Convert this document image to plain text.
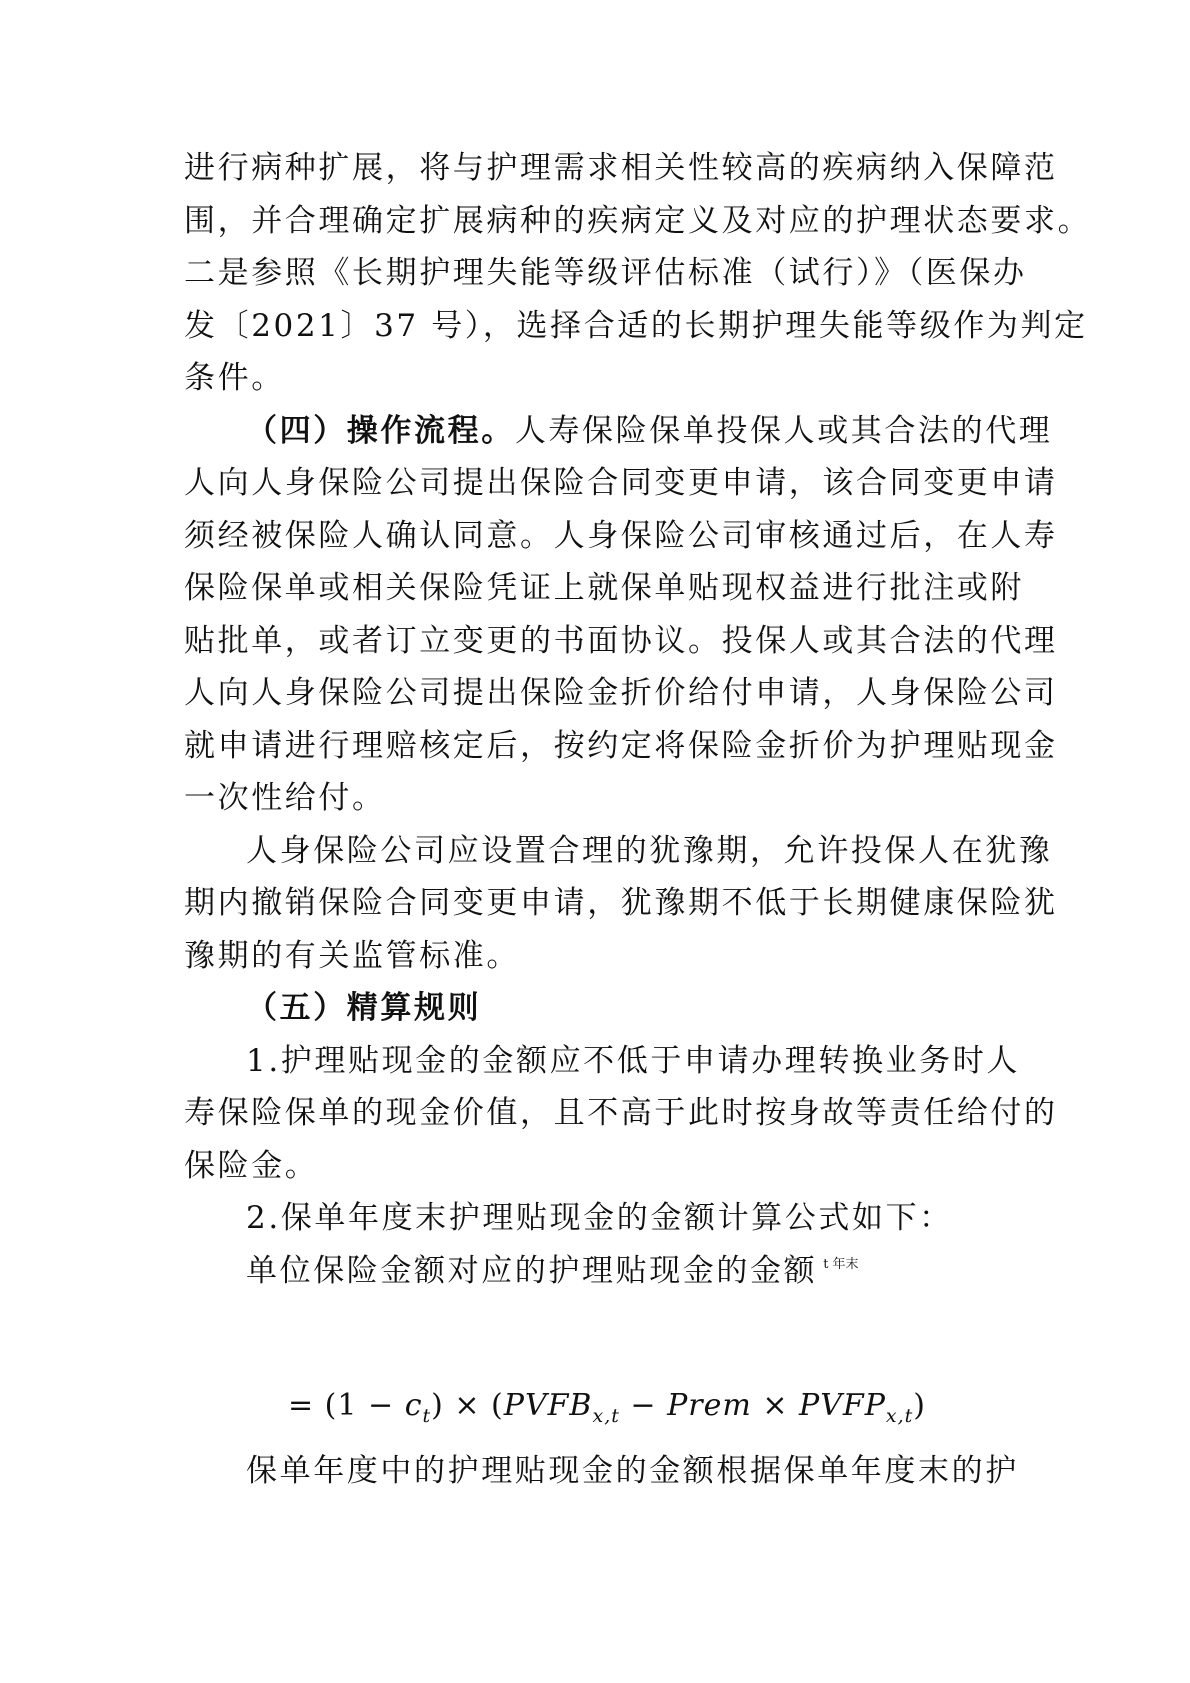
进行病种扩展，将与护理需求相关性较高的疾病纳入保障范
围，并合理确定扩展病种的疾病定义及对应的护理状态要求。
二是参照《长期护理失能等级评估标准（试行）》（医保办
发〔2021〕37 号），选择合适的长期护理失能等级作为判定
条件。
（四）操作流程。人寿保险保单投保人或其合法的代理
人向人身保险公司提出保险合同变更申请，该合同变更申请
须经被保险人确认同意。人身保险公司审核通过后，在人寿
保险保单或相关保险凭证上就保单贴现权益进行批注或附
贴批单，或者订立变更的书面协议。投保人或其合法的代理
人向人身保险公司提出保险金折价给付申请，人身保险公司
就申请进行理赔核定后，按约定将保险金折价为护理贴现金
一次性给付。
人身保险公司应设置合理的犹豫期，允许投保人在犹豫
期内撤销保险合同变更申请，犹豫期不低于长期健康保险犹
豫期的有关监管标准。
（五）精算规则
1.护理贴现金的金额应不低于申请办理转换业务时人
寿保险保单的现金价值，且不高于此时按身故等责任给付的
保险金。
2.保单年度末护理贴现金的金额计算公式如下：
单位保险金额对应的护理贴现金的金额 $^{t 年末}$
= $(1 - c_t)$ × ($PVFB_{x,t}$ − Prem × $PVFP_{x,t}$)
保单年度中的护理贴现金的金额根据保单年度末的护
